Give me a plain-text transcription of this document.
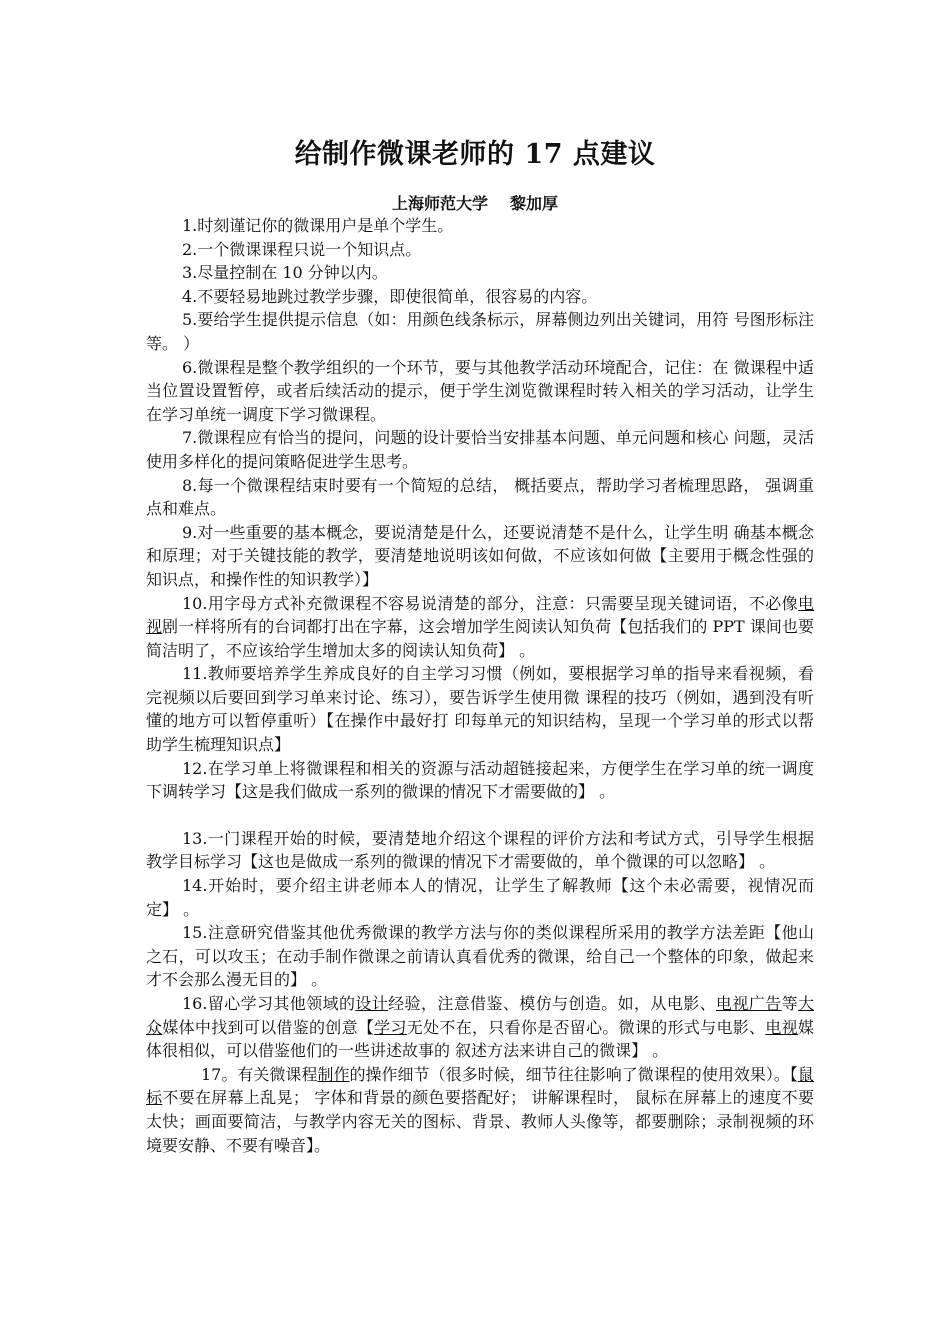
给制作微课老师的 17 点建议

上海师范大学 黎加厚

1.时刻谨记你的微课用户是单个学生。

2.一个微课课程只说一个知识点。

3.尽量控制在 10 分钟以内。

4.不要轻易地跳过教学步骤，即使很简单，很容易的内容。

5.要给学生提供提示信息（如：用颜色线条标示，屏幕侧边列出关键词，用符 号图形标注等。 ）

6.微课程是整个教学组织的一个环节，要与其他教学活动环境配合，记住：在 微课程中适当位置设置暂停，或者后续活动的提示，便于学生浏览微课程时转入相关的学习活动，让学生在学习单统一调度下学习微课程。

7.微课程应有恰当的提问，问题的设计要恰当安排基本问题、单元问题和核心 问题，灵活使用多样化的提问策略促进学生思考。

8.每一个微课程结束时要有一个简短的总结， 概括要点，帮助学习者梳理思路， 强调重点和难点。

9.对一些重要的基本概念，要说清楚是什么，还要说清楚不是什么，让学生明 确基本概念和原理；对于关键技能的教学，要清楚地说明该如何做，不应该如何做【主要用于概念性强的知识点，和操作性的知识教学）】

10.用字母方式补充微课程不容易说清楚的部分，注意：只需要呈现关键词语，不必像电视剧一样将所有的台词都打出在字幕，这会增加学生阅读认知负荷【包括我们的 PPT 课间也要简洁明了，不应该给学生增加太多的阅读认知负荷】 。

11.教师要培养学生养成良好的自主学习习惯（例如，要根据学习单的指导来看视频，看完视频以后要回到学习单来讨论、练习），要告诉学生使用微 课程的技巧（例如，遇到没有听懂的地方可以暂停重听）【在操作中最好打 印每单元的知识结构，呈现一个学习单的形式以帮助学生梳理知识点】

12.在学习单上将微课程和相关的资源与活动超链接起来，方便学生在学习单的统一调度下调转学习【这是我们做成一系列的微课的情况下才需要做的】 。

13.一门课程开始的时候，要清楚地介绍这个课程的评价方法和考试方式，引导学生根据教学目标学习【这也是做成一系列的微课的情况下才需要做的，单个微课的可以忽略】 。

14.开始时，要介绍主讲老师本人的情况，让学生了解教师【这个未必需要，视情况而定】 。

15.注意研究借鉴其他优秀微课的教学方法与你的类似课程所采用的教学方法差距【他山之石，可以攻玉；在动手制作微课之前请认真看优秀的微课，给自己一个整体的印象，做起来才不会那么漫无目的】 。

16.留心学习其他领域的设计经验，注意借鉴、模仿与创造。如，从电影、电视广告等大众媒体中找到可以借鉴的创意【学习无处不在，只看你是否留心。微课的形式与电影、电视媒体很相似，可以借鉴他们的一些讲述故事的 叙述方法来讲自己的微课】 。

17。有关微课程制作的操作细节（很多时候，细节往往影响了微课程的使用效果）。【鼠标不要在屏幕上乱晃； 字体和背景的颜色要搭配好； 讲解课程时， 鼠标在屏幕上的速度不要太快；画面要简洁，与教学内容无关的图标、背景、教师人头像等，都要删除；录制视频的环境要安静、不要有噪音】。
